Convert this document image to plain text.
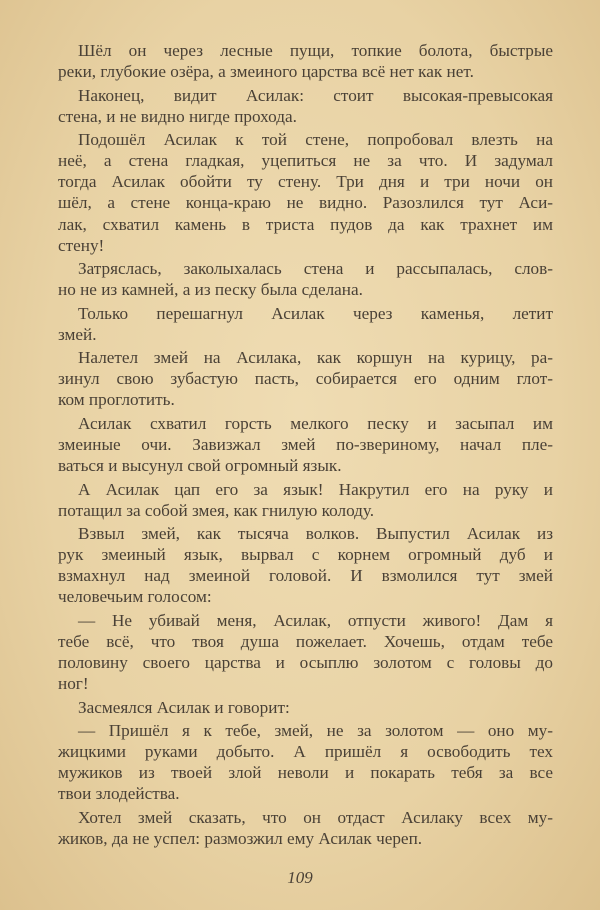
Шёл он через лесные пущи, топкие болота, быстрые
реки, глубокие озёра, а змеиного царства всё нет как нет.
Наконец, видит Асилак: стоит высокая-превысокая
стена, и не видно нигде прохода.
Подошёл Асилак к той стене, попробовал влезть на
неё, а стена гладкая, уцепиться не за что. И задумал
тогда Асилак обойти ту стену. Три дня и три ночи он
шёл, а стене конца-краю не видно. Разозлился тут Аси-
лак, схватил камень в триста пудов да как трахнет им
стену!
Затряслась, заколыхалась стена и рассыпалась, слов-
но не из камней, а из песку была сделана.
Только перешагнул Асилак через каменья, летит
змей.
Налетел змей на Асилака, как коршун на курицу, ра-
зинул свою зубастую пасть, собирается его одним глот-
ком проглотить.
Асилак схватил горсть мелкого песку и засыпал им
змеиные очи. Завизжал змей по-звериному, начал пле-
ваться и высунул свой огромный язык.
А Асилак цап его за язык! Накрутил его на руку и
потащил за собой змея, как гнилую колоду.
Взвыл змей, как тысяча волков. Выпустил Асилак из
рук змеиный язык, вырвал с корнем огромный дуб и
взмахнул над змеиной головой. И взмолился тут змей
человечьим голосом:
— Не убивай меня, Асилак, отпусти живого! Дам я
тебе всё, что твоя душа пожелает. Хочешь, отдам тебе
половину своего царства и осыплю золотом с головы до
ног!
Засмеялся Асилак и говорит:
— Пришёл я к тебе, змей, не за золотом — оно му-
жицкими руками добыто. А пришёл я освободить тех
мужиков из твоей злой неволи и покарать тебя за все
твои злодейства.
Хотел змей сказать, что он отдаст Асилаку всех му-
жиков, да не успел: размозжил ему Асилак череп.
109
